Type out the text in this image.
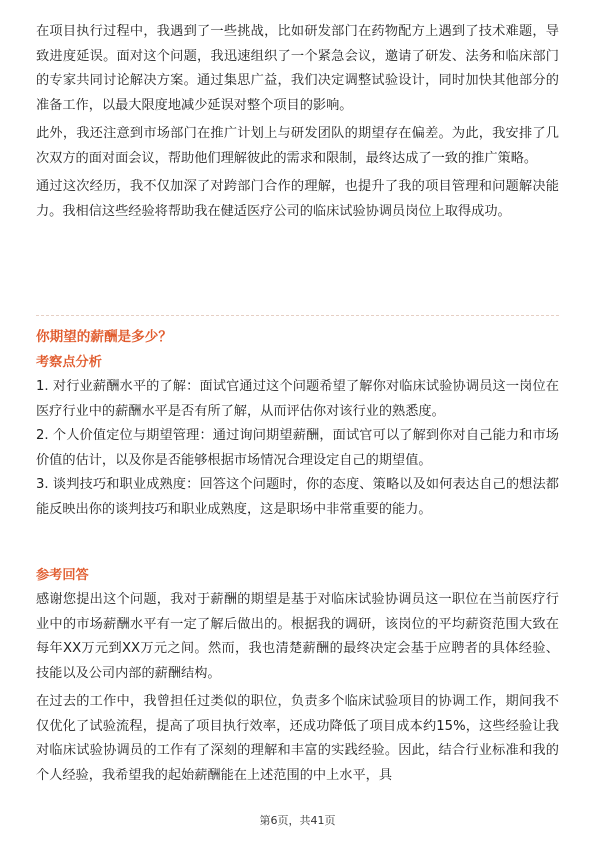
在项目执行过程中，我遇到了一些挑战，比如研发部门在药物配方上遇到了技术难题，导致进度延误。面对这个问题，我迅速组织了一个紧急会议，邀请了研发、法务和临床部门的专家共同讨论解决方案。通过集思广益，我们决定调整试验设计，同时加快其他部分的准备工作，以最大限度地减少延误对整个项目的影响。

此外，我还注意到市场部门在推广计划上与研发团队的期望存在偏差。为此，我安排了几次双方的面对面会议，帮助他们理解彼此的需求和限制，最终达成了一致的推广策略。

通过这次经历，我不仅加深了对跨部门合作的理解，也提升了我的项目管理和问题解决能力。我相信这些经验将帮助我在健适医疗公司的临床试验协调员岗位上取得成功。

你期望的薪酬是多少？

考察点分析

1. 对行业薪酬水平的了解：面试官通过这个问题希望了解你对临床试验协调员这一岗位在医疗行业中的薪酬水平是否有所了解，从而评估你对该行业的熟悉度。

2. 个人价值定位与期望管理：通过询问期望薪酬，面试官可以了解到你对自己能力和市场价值的估计，以及你是否能够根据市场情况合理设定自己的期望值。

3. 谈判技巧和职业成熟度：回答这个问题时，你的态度、策略以及如何表达自己的想法都能反映出你的谈判技巧和职业成熟度，这是职场中非常重要的能力。

参考回答

感谢您提出这个问题，我对于薪酬的期望是基于对临床试验协调员这一职位在当前医疗行业中的市场薪酬水平有一定了解后做出的。根据我的调研，该岗位的平均薪资范围大致在每年XX万元到XX万元之间。然而，我也清楚薪酬的最终决定会基于应聘者的具体经验、技能以及公司内部的薪酬结构。

在过去的工作中，我曾担任过类似的职位，负责多个临床试验项目的协调工作，期间我不仅优化了试验流程，提高了项目执行效率，还成功降低了项目成本约15%，这些经验让我对临床试验协调员的工作有了深刻的理解和丰富的实践经验。因此，结合行业标准和我的个人经验，我希望我的起始薪酬能在上述范围的中上水平，具

第6页，共41页
